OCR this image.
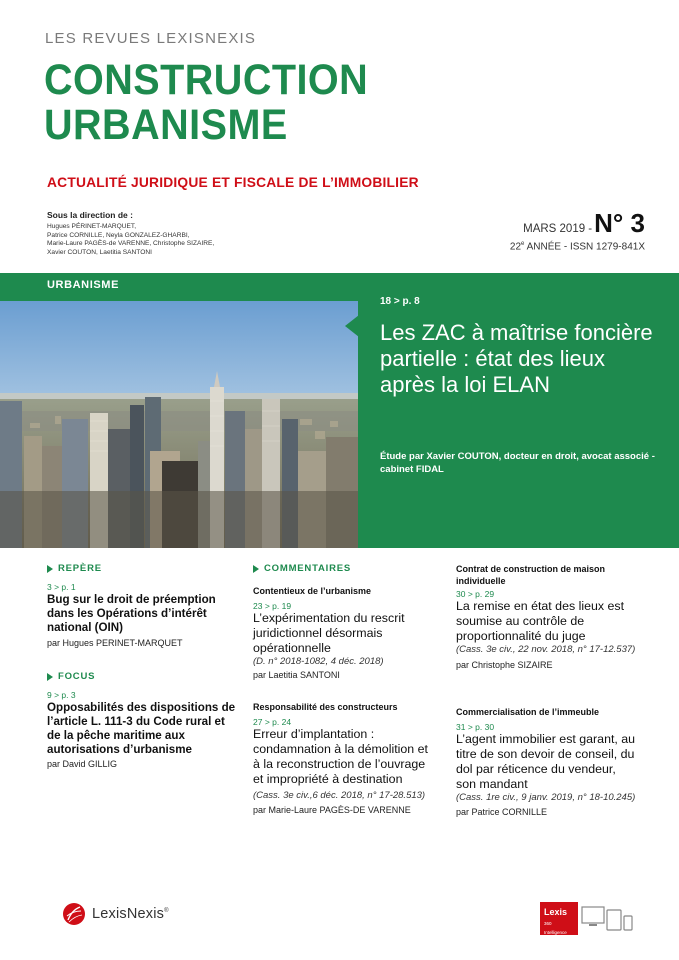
LES REVUES LEXISNEXIS
CONSTRUCTION
URBANISME
ACTUALITÉ JURIDIQUE ET FISCALE DE L’IMMOBILIER
Sous la direction de :
Hugues PÉRINET-MARQUET,
Patrice CORNILLE, Neyla GONZALEZ-GHARBI,
Marie-Laure PAGÈS-de VARENNE, Christophe SIZAIRE,
Xavier COUTON, Laetitia SANTONI
MARS 2019 - N° 3
22e ANNÉE - ISSN 1279-841X
URBANISME
18 > p. 8
Les ZAC à maîtrise foncière partielle : état des lieux après la loi ELAN
Étude par Xavier COUTON, docteur en droit, avocat associé - cabinet FIDAL
REPÈRE
3 > p. 1
Bug sur le droit de préemption dans les Opérations d’intérêt national (OIN)
par Hugues PERINET-MARQUET
FOCUS
9 > p. 3
Opposabilités des dispositions de l’article L. 111-3 du Code rural et de la pêche maritime aux autorisations d’urbanisme
par David GILLIG
COMMENTAIRES
Contentieux de l’urbanisme
23 > p. 19
L’expérimentation du rescrit juridictionnel désormais opérationnelle
(D. n° 2018-1082, 4 déc. 2018)
par Laetitia SANTONI
Responsabilité des constructeurs
27 > p. 24
Erreur d’implantation : condamnation à la démolition et à la reconstruction de l’ouvrage et impropriété à destination (Cass. 3e civ.,6 déc. 2018, n° 17-28.513)
par Marie-Laure PAGÈS-DE VARENNE
Contrat de construction de maison individuelle
30 > p. 29
La remise en état des lieux est soumise au contrôle de proportionnalité du juge
(Cass. 3e civ., 22 nov. 2018, n° 17-12.537)
par Christophe SIZAIRE
Commercialisation de l’immeuble
31 > p. 30
L’agent immobilier est garant, au titre de son devoir de conseil, du dol par réticence du vendeur, son mandant
(Cass. 1re civ., 9 janv. 2019, n° 18-10.245)
par Patrice CORNILLE
LexisNexis®	Lexis
360 Intelligence
